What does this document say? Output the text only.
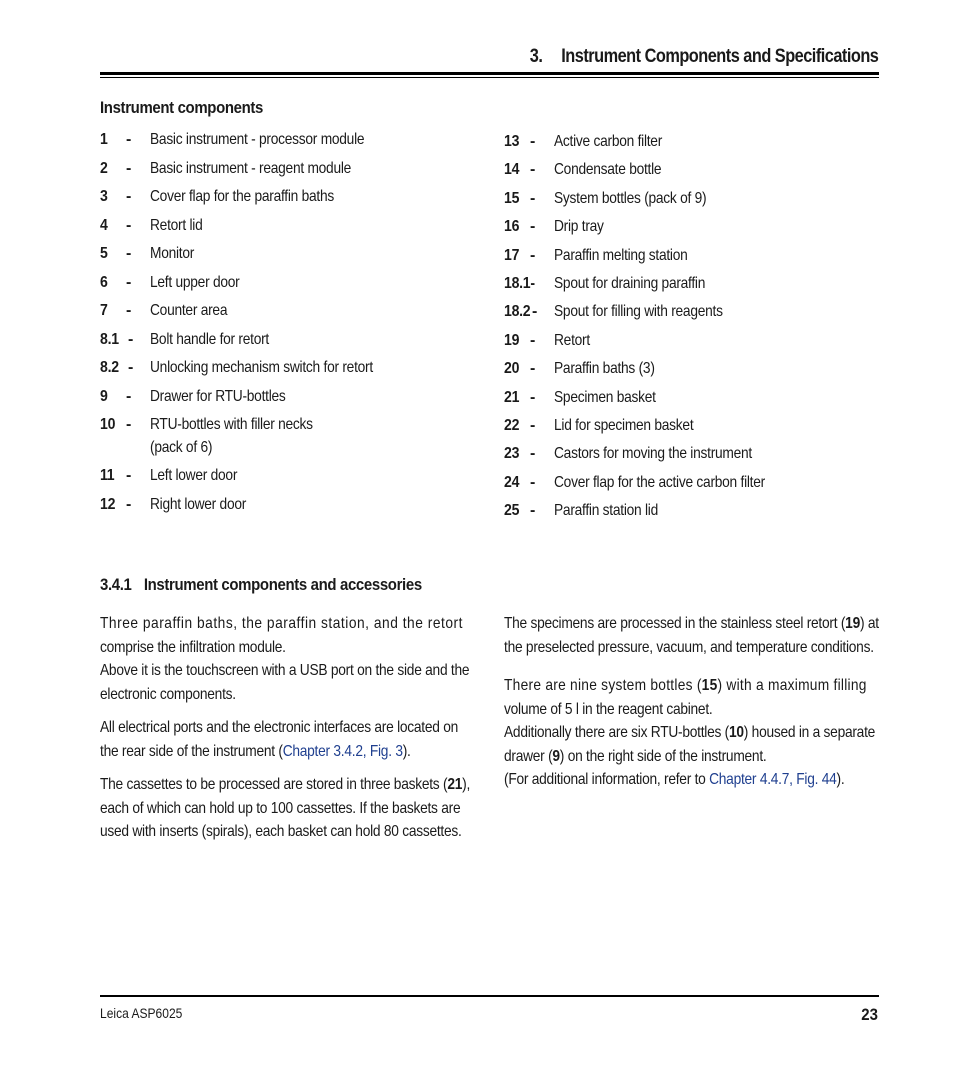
3. Instrument Components and Specifications
Instrument components
1 - Basic instrument - processor module
2 - Basic instrument - reagent module
3 - Cover flap for the paraffin baths
4 - Retort lid
5 - Monitor
6 - Left upper door
7 - Counter area
8.1 - Bolt handle for retort
8.2 - Unlocking mechanism switch for retort
9 - Drawer for RTU-bottles
10 - RTU-bottles with filler necks
(pack of 6)
11 - Left lower door
12 - Right lower door
13 - Active carbon filter
14 - Condensate bottle
15 - System bottles (pack of 9)
16 - Drip tray
17 - Paraffin melting station
18.1- Spout for draining paraffin
18.2 - Spout for filling with reagents
19 - Retort
20 - Paraffin baths (3)
21 - Specimen basket
22 - Lid for specimen basket
23 - Castors for moving the instrument
24 - Cover flap for the active carbon filter
25 - Paraffin station lid
3.4.1 Instrument components and accessories
Three paraffin baths, the paraffin station, and the retort
comprise the infiltration module.
Above it is the touchscreen with a USB port on the side and the
electronic components.
All electrical ports and the electronic interfaces are located on
the rear side of the instrument (Chapter 3.4.2, Fig. 3).
The cassettes to be processed are stored in three baskets (21),
each of which can hold up to 100 cassettes. If the baskets are
used with inserts (spirals), each basket can hold 80 cassettes.
The specimens are processed in the stainless steel retort (19) at
the preselected pressure, vacuum, and temperature conditions.
There are nine system bottles (15) with a maximum filling
volume of 5 l in the reagent cabinet.
Additionally there are six RTU-bottles (10) housed in a separate
drawer (9) on the right side of the instrument.
(For additional information, refer to Chapter 4.4.7, Fig. 44).
Leica ASP6025	23
